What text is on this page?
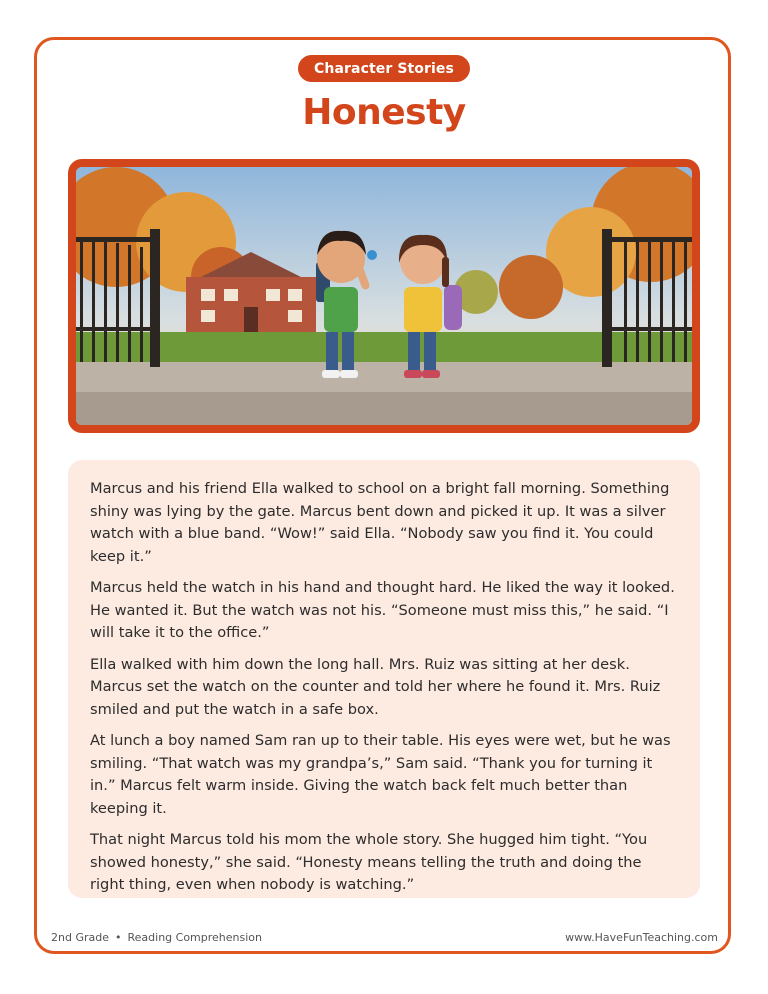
Character Stories
Honesty

Marcus and his friend Ella walked to school on a bright fall morning. Something shiny was lying by the gate. Marcus bent down and picked it up. It was a silver watch with a blue band. “Wow!” said Ella. “Nobody saw you find it. You could keep it.”

Marcus held the watch in his hand and thought hard. He liked the way it looked. He wanted it. But the watch was not his. “Someone must miss this,” he said. “I will take it to the office.”

Ella walked with him down the long hall. Mrs. Ruiz was sitting at her desk. Marcus set the watch on the counter and told her where he found it. Mrs. Ruiz smiled and put the watch in a safe box.

At lunch a boy named Sam ran up to their table. His eyes were wet, but he was smiling. “That watch was my grandpa’s,” Sam said. “Thank you for turning it in.” Marcus felt warm inside. Giving the watch back felt much better than keeping it.

That night Marcus told his mom the whole story. She hugged him tight. “You showed honesty,” she said. “Honesty means telling the truth and doing the right thing, even when nobody is watching.”

2nd Grade • Reading Comprehension	www.HaveFunTeaching.com
